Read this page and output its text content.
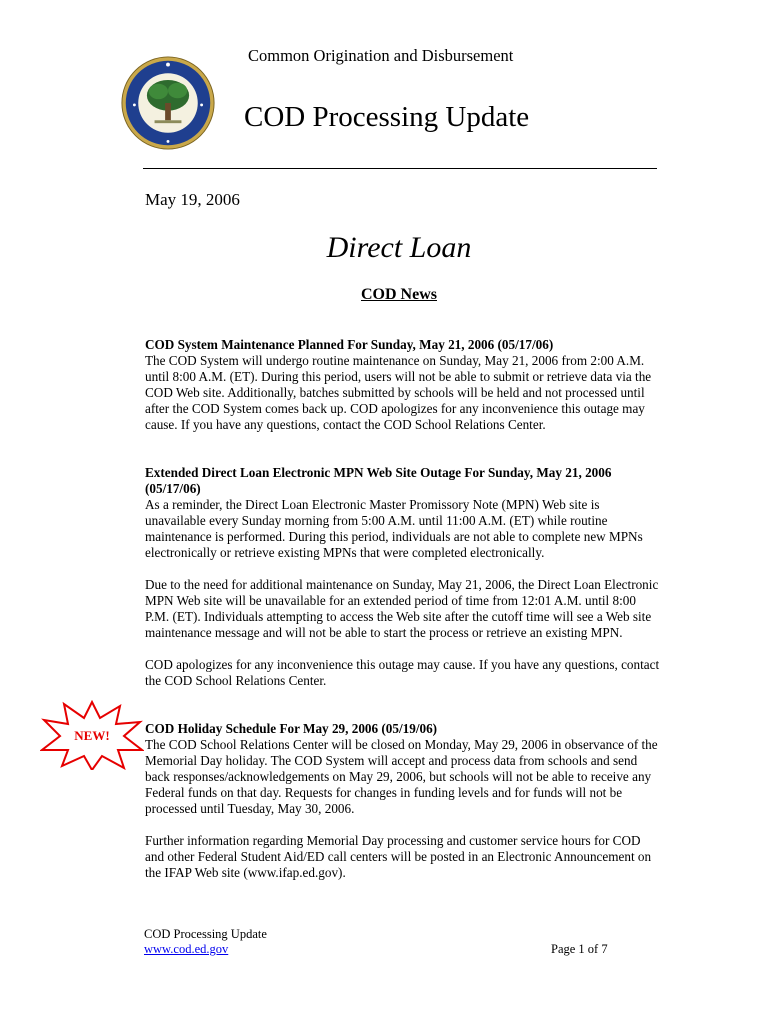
Common Origination and Disbursement
COD Processing Update
May 19, 2006
Direct Loan
COD News
COD System Maintenance Planned For Sunday, May 21, 2006 (05/17/06)

The COD System will undergo routine maintenance on Sunday, May 21, 2006 from 2:00 A.M. until 8:00 A.M. (ET). During this period, users will not be able to submit or retrieve data via the COD Web site. Additionally, batches submitted by schools will be held and not processed until after the COD System comes back up. COD apologizes for any inconvenience this outage may cause. If you have any questions, contact the COD School Relations Center.

Extended Direct Loan Electronic MPN Web Site Outage For Sunday, May 21, 2006 (05/17/06)

As a reminder, the Direct Loan Electronic Master Promissory Note (MPN) Web site is unavailable every Sunday morning from 5:00 A.M. until 11:00 A.M. (ET) while routine maintenance is performed. During this period, individuals are not able to complete new MPNs electronically or retrieve existing MPNs that were completed electronically.

Due to the need for additional maintenance on Sunday, May 21, 2006, the Direct Loan Electronic MPN Web site will be unavailable for an extended period of time from 12:01 A.M. until 8:00 P.M. (ET). Individuals attempting to access the Web site after the cutoff time will see a Web site maintenance message and will not be able to start the process or retrieve an existing MPN.

COD apologizes for any inconvenience this outage may cause. If you have any questions, contact the COD School Relations Center.

NEW!	COD Holiday Schedule For May 29, 2006 (05/19/06)

The COD School Relations Center will be closed on Monday, May 29, 2006 in observance of the Memorial Day holiday. The COD System will accept and process data from schools and send back responses/acknowledgements on May 29, 2006, but schools will not be able to receive any Federal funds on that day. Requests for changes in funding levels and for funds will not be processed until Tuesday, May 30, 2006.

Further information regarding Memorial Day processing and customer service hours for COD and other Federal Student Aid/ED call centers will be posted in an Electronic Announcement on the IFAP Web site (www.ifap.ed.gov).

COD Processing Update
www.cod.ed.gov	Page 1 of 7
